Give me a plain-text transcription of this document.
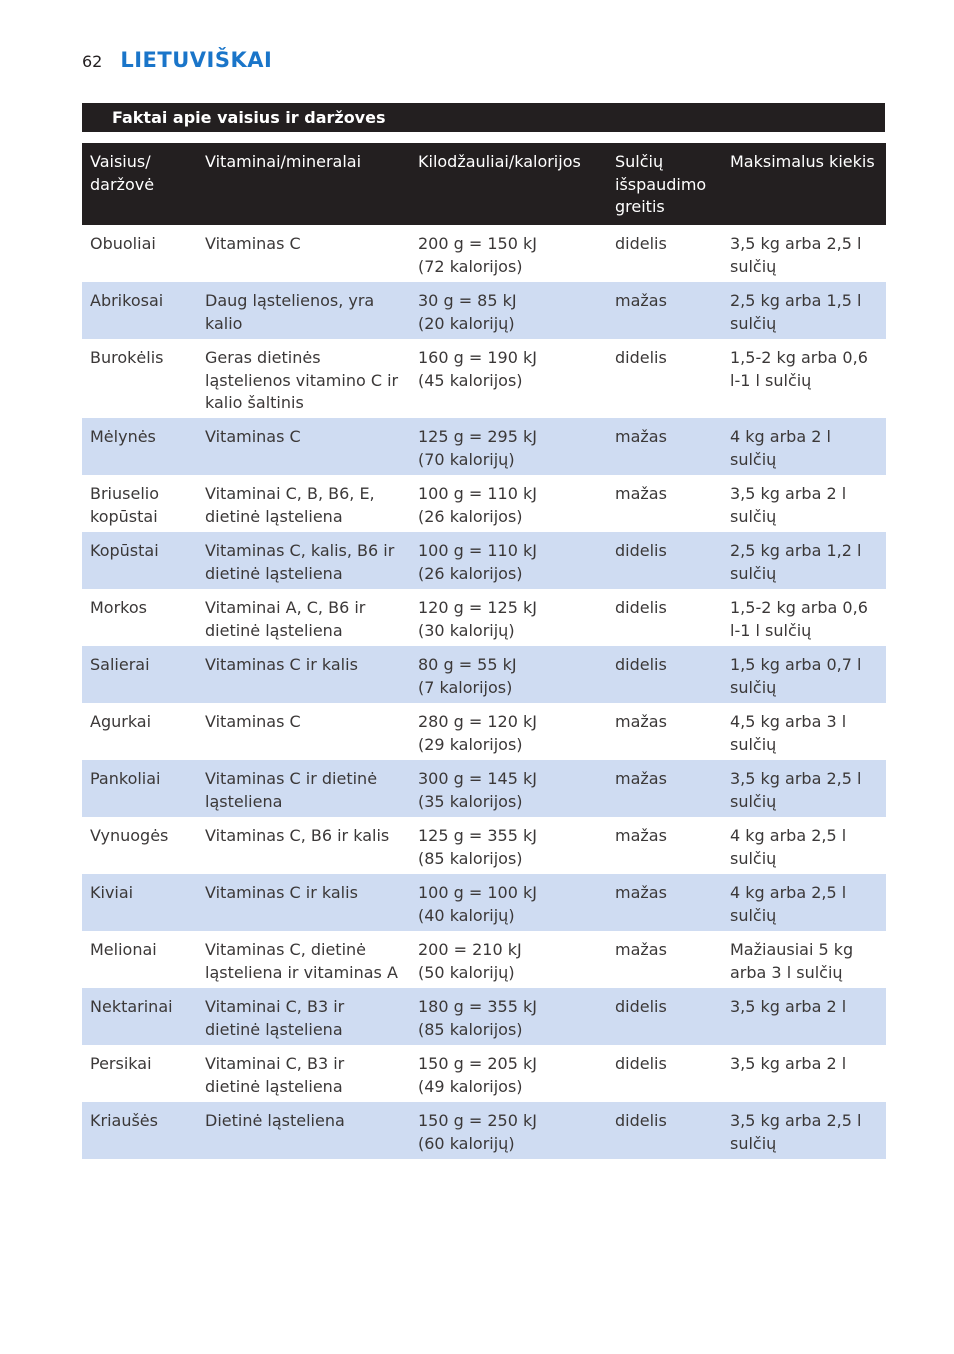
62 LIETUVIŠKAI
Faktai apie vaisius ir daržoves
Vaisius/
daržovė	Vitaminai/mineralai	Kilodžauliai/kalorijos	Sulčių
išspaudimo
greitis	Maksimalus kiekis

Obuoliai	Vitaminas C	200 g = 150 kJ
(72 kalorijos)	didelis	3,5 kg arba 2,5 l
sulčių

Abrikosai	Daug ląstelienos, yra
kalio	30 g = 85 kJ
(20 kalorijų)	mažas	2,5 kg arba 1,5 l
sulčių

Burokėlis	Geras dietinės
ląstelienos vitamino C ir
kalio šaltinis	160 g = 190 kJ
(45 kalorijos)	didelis	1,5-2 kg arba 0,6
l-1 l sulčių

Mėlynės	Vitaminas C	125 g = 295 kJ
(70 kalorijų)	mažas	4 kg arba 2 l
sulčių

Briuselio
kopūstai	Vitaminai C, B, B6, E,
dietinė ląsteliena	100 g = 110 kJ
(26 kalorijos)	mažas	3,5 kg arba 2 l
sulčių

Kopūstai	Vitaminas C, kalis, B6 ir
dietinė ląsteliena	100 g = 110 kJ
(26 kalorijos)	didelis	2,5 kg arba 1,2 l
sulčių

Morkos	Vitaminai A, C, B6 ir
dietinė ląsteliena	120 g = 125 kJ
(30 kalorijų)	didelis	1,5-2 kg arba 0,6
l-1 l sulčių

Salierai	Vitaminas C ir kalis	80 g = 55 kJ
(7 kalorijos)	didelis	1,5 kg arba 0,7 l
sulčių

Agurkai	Vitaminas C	280 g = 120 kJ
(29 kalorijos)	mažas	4,5 kg arba 3 l
sulčių

Pankoliai	Vitaminas C ir dietinė
ląsteliena	300 g = 145 kJ
(35 kalorijos)	mažas	3,5 kg arba 2,5 l
sulčių

Vynuogės	Vitaminas C, B6 ir kalis	125 g = 355 kJ
(85 kalorijos)	mažas	4 kg arba 2,5 l
sulčių

Kiviai	Vitaminas C ir kalis	100 g = 100 kJ
(40 kalorijų)	mažas	4 kg arba 2,5 l
sulčių

Melionai	Vitaminas C, dietinė
ląsteliena ir vitaminas A	200 = 210 kJ
(50 kalorijų)	mažas	Mažiausiai 5 kg
arba 3 l sulčių

Nektarinai	Vitaminai C, B3 ir
dietinė ląsteliena	180 g = 355 kJ
(85 kalorijos)	didelis	3,5 kg arba 2 l

Persikai	Vitaminai C, B3 ir
dietinė ląsteliena	150 g = 205 kJ
(49 kalorijos)	didelis	3,5 kg arba 2 l

Kriaušės	Dietinė ląsteliena	150 g = 250 kJ
(60 kalorijų)	didelis	3,5 kg arba 2,5 l
sulčių
